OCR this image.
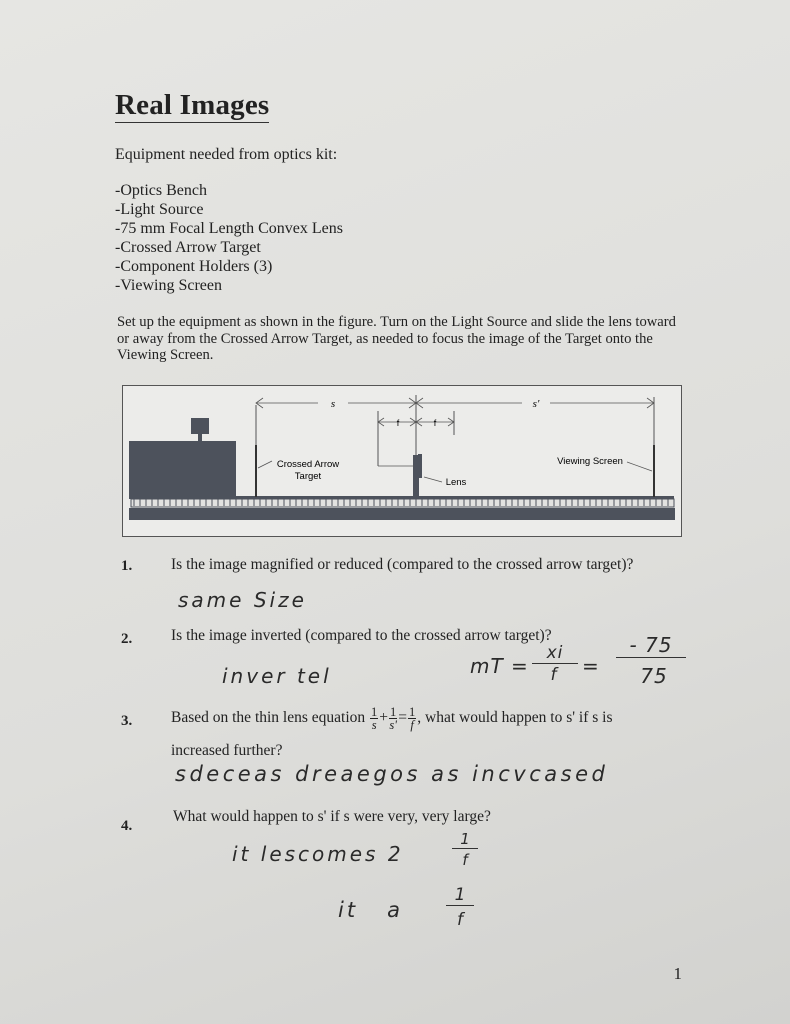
Real Images
Equipment needed from optics kit:
-Optics Bench
-Light Source
-75 mm Focal Length Convex Lens
-Crossed Arrow Target
-Component Holders (3)
-Viewing Screen
Set up the equipment as shown in the figure. Turn on the Light Source and slide the lens toward or away from the Crossed Arrow Target, as needed to focus the image of the Target onto the Viewing Screen.
s	s'
f	f
Crossed Arrow
Target
Lens
Viewing Screen
1.	Is the image magnified or reduced (compared to the crossed arrow target)?
same Size
2.	Is the image inverted (compared to the crossed arrow target)?
inver tel	mT =
xi
f	=
- 75
75
3.	Based on the thin lens equation $\frac{1}{s} + \frac{1}{s'} = \frac{1}{f}$ , what would happen to s' if s is
increased further?
sdeceas dreaegos as incvcased
4.
What would happen to s' if s were very, very large?
it lescomes 2
1
f
it   a
1
f
1
